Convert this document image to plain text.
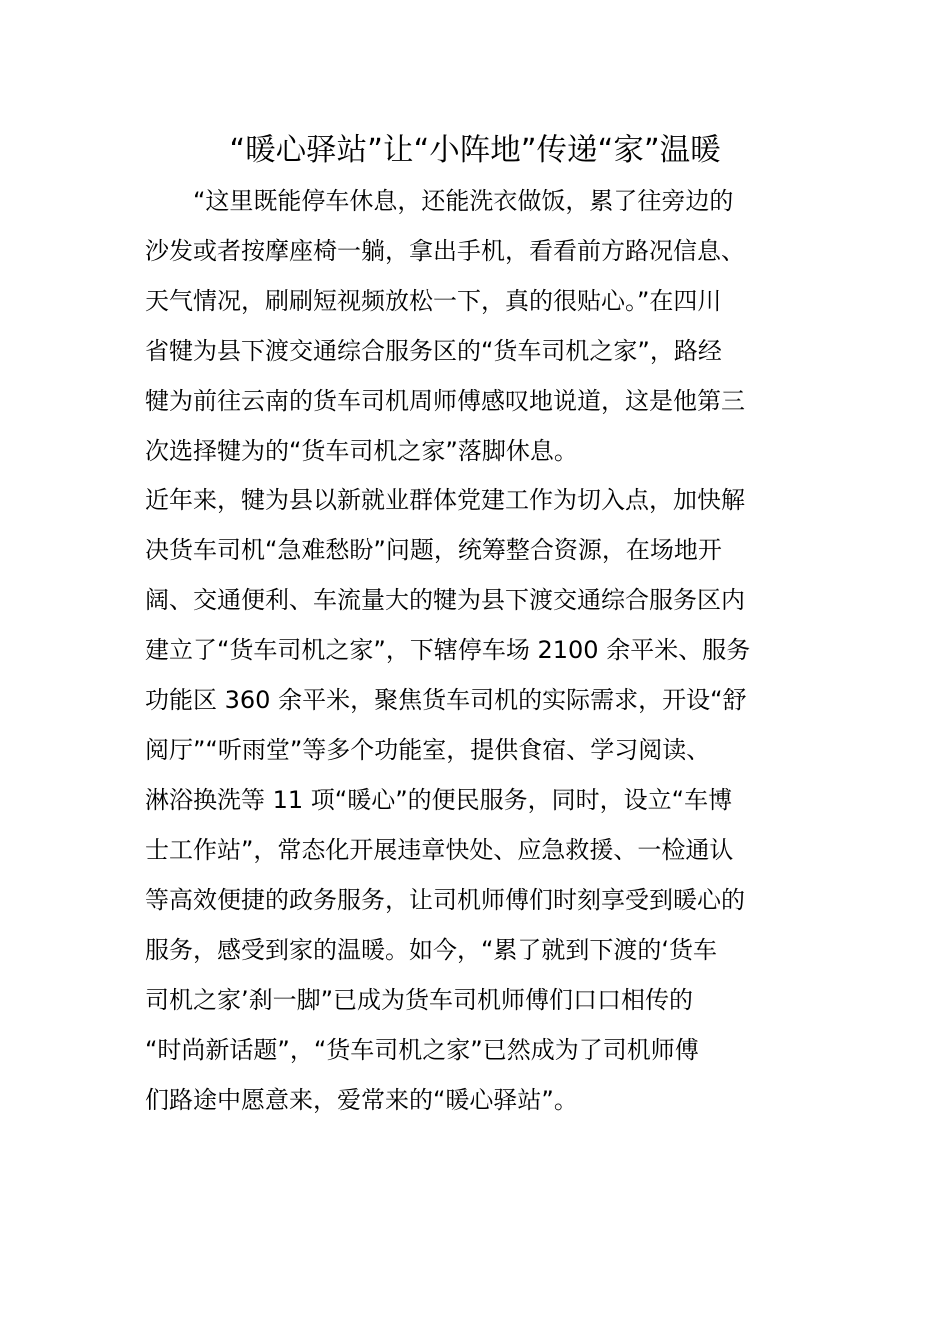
“暖心驿站”让“小阵地”传递“家”温暖
　　“这里既能停车休息，还能洗衣做饭，累了往旁边的
沙发或者按摩座椅一躺，拿出手机，看看前方路况信息、
天气情况，刷刷短视频放松一下，真的很贴心。”在四川
省犍为县下渡交通综合服务区的“货车司机之家”，路经
犍为前往云南的货车司机周师傅感叹地说道，这是他第三
次选择犍为的“货车司机之家”落脚休息。
近年来，犍为县以新就业群体党建工作为切入点，加快解
决货车司机“急难愁盼”问题，统筹整合资源，在场地开
阔、交通便利、车流量大的犍为县下渡交通综合服务区内
建立了“货车司机之家”，下辖停车场 2100 余平米、服务
功能区 360 余平米，聚焦货车司机的实际需求，开设“舒
阅厅”“听雨堂”等多个功能室，提供食宿、学习阅读、
淋浴换洗等 11 项“暖心”的便民服务，同时，设立“车博
士工作站”，常态化开展违章快处、应急救援、一检通认
等高效便捷的政务服务，让司机师傅们时刻享受到暖心的
服务，感受到家的温暖。如今，“累了就到下渡的‘货车
司机之家’刹一脚”已成为货车司机师傅们口口相传的
“时尚新话题”，“货车司机之家”已然成为了司机师傅
们路途中愿意来，爱常来的“暖心驿站”。
